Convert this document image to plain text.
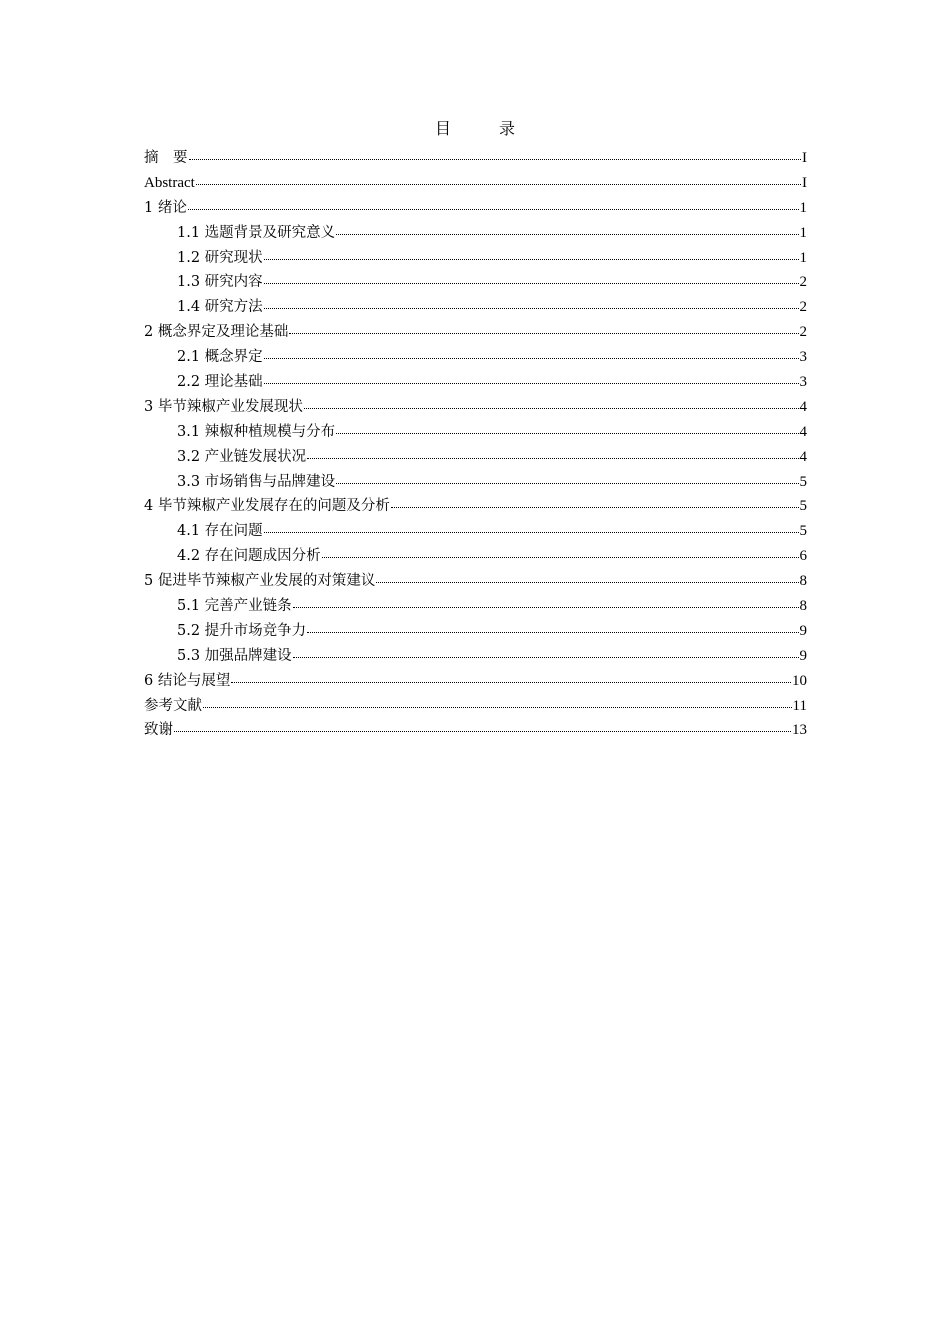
目　录
摘　要	I
Abstract	I
1 绪论	1
1.1 选题背景及研究意义	1
1.2 研究现状	1
1.3 研究内容	2
1.4 研究方法	2
2 概念界定及理论基础	2
2.1 概念界定	3
2.2 理论基础	3
3 毕节辣椒产业发展现状	4
3.1 辣椒种植规模与分布	4
3.2 产业链发展状况	4
3.3 市场销售与品牌建设	5
4 毕节辣椒产业发展存在的问题及分析	5
4.1 存在问题	5
4.2 存在问题成因分析	6
5 促进毕节辣椒产业发展的对策建议	8
5.1 完善产业链条	8
5.2 提升市场竞争力	9
5.3 加强品牌建设	9
6 结论与展望	10
参考文献	11
致谢	13
